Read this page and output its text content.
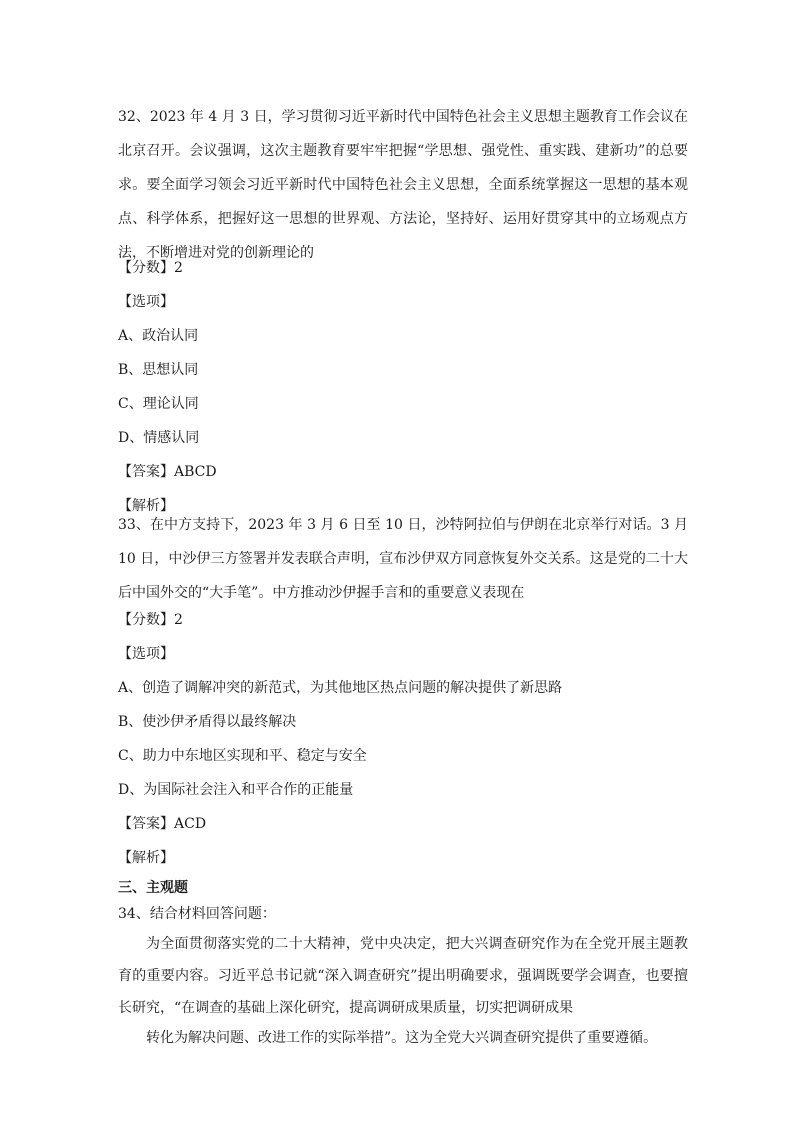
32、2023 年 4 月 3 日，学习贯彻习近平新时代中国特色社会主义思想主题教育工作会议在北京召开。会议强调，这次主题教育要牢牢把握“学思想、强党性、重实践、建新功”的总要求。要全面学习领会习近平新时代中国特色社会主义思想，全面系统掌握这一思想的基本观点、科学体系，把握好这一思想的世界观、方法论，坚持好、运用好贯穿其中的立场观点方法，不断增进对党的创新理论的
【分数】2
【选项】
A、政治认同
B、思想认同
C、理论认同
D、情感认同
【答案】ABCD
【解析】
33、在中方支持下，2023 年 3 月 6 日至 10 日，沙特阿拉伯与伊朗在北京举行对话。3 月 10 日，中沙伊三方签署并发表联合声明，宣布沙伊双方同意恢复外交关系。这是党的二十大后中国外交的“大手笔”。中方推动沙伊握手言和的重要意义表现在
【分数】2
【选项】
A、创造了调解冲突的新范式，为其他地区热点问题的解决提供了新思路
B、使沙伊矛盾得以最终解决
C、助力中东地区实现和平、稳定与安全
D、为国际社会注入和平合作的正能量
【答案】ACD
【解析】
三、主观题
34、结合材料回答问题：
为全面贯彻落实党的二十大精神，党中央决定，把大兴调查研究作为在全党开展主题教育的重要内容。习近平总书记就“深入调查研究”提出明确要求，强调既要学会调查，也要擅长研究，“在调查的基础上深化研究，提高调研成果质量，切实把调研成果
转化为解决问题、改进工作的实际举措”。这为全党大兴调查研究提供了重要遵循。
